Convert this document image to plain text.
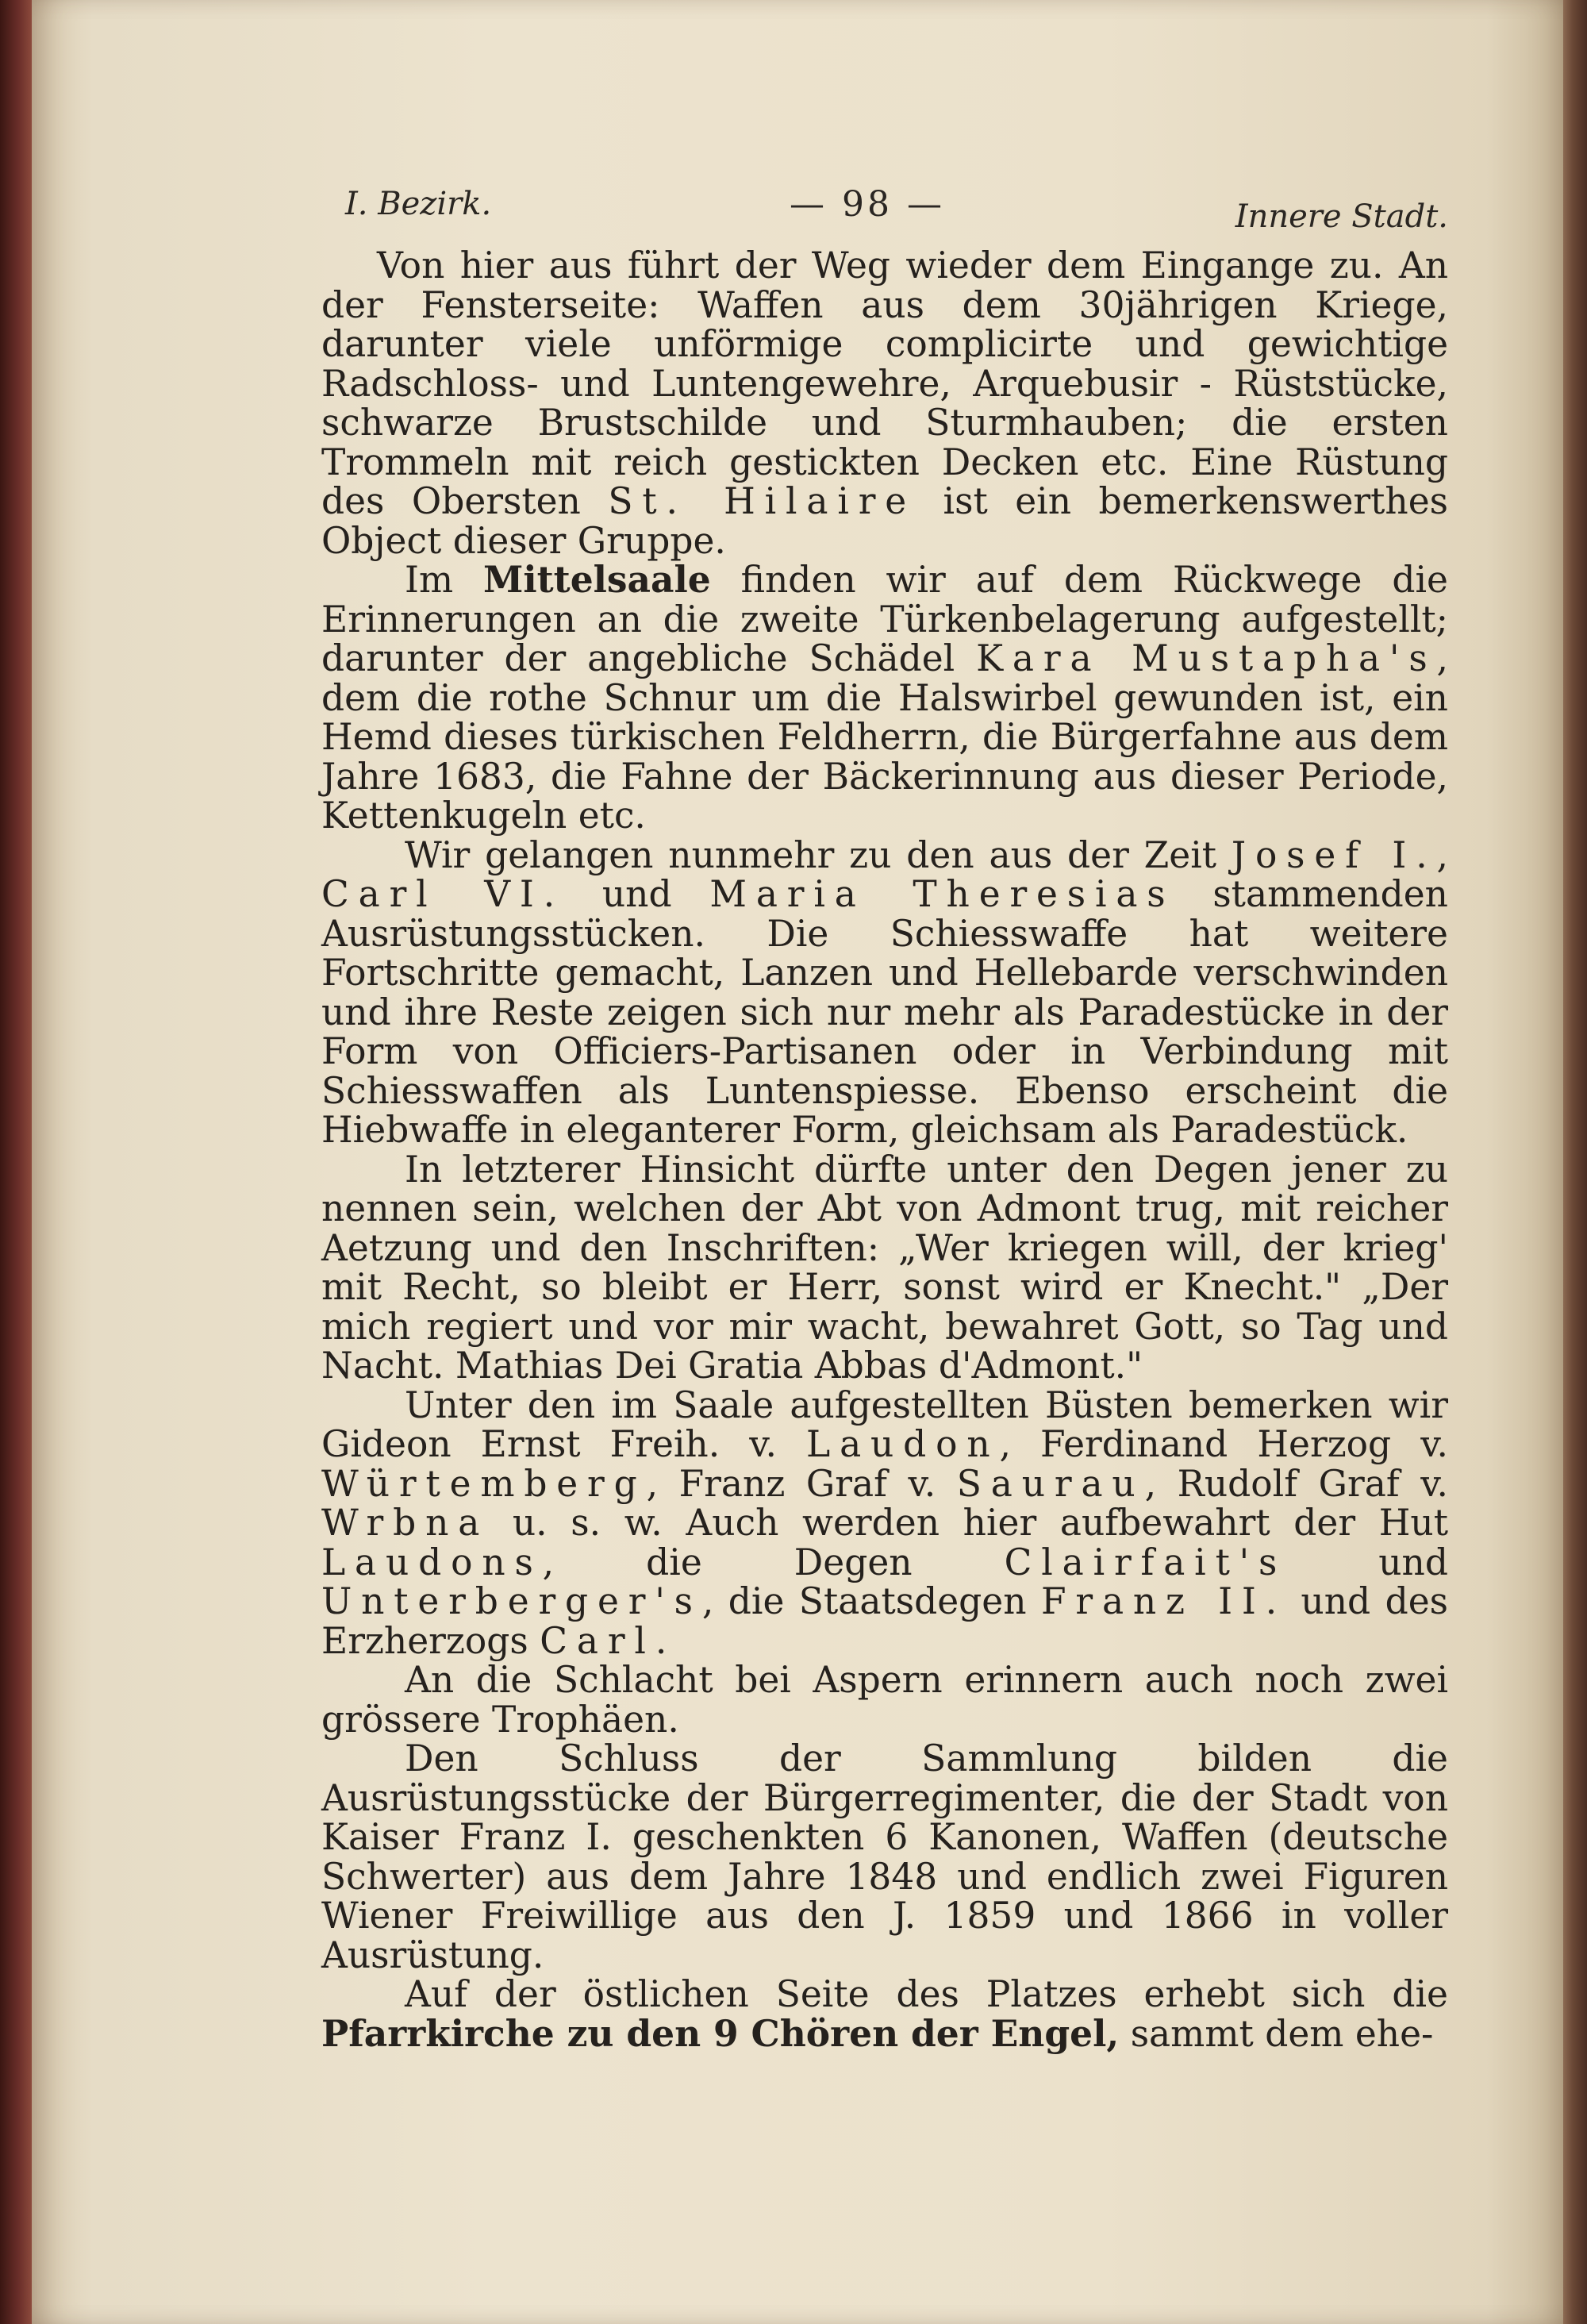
I. Bezirk.	— 98 —	Innere Stadt.

Von hier aus führt der Weg wieder dem Eingange zu. An der Fensterseite: Waffen aus dem 30jährigen Kriege, darunter viele unförmige complicirte und gewichtige Radschloss- und Luntengewehre, Arquebusir - Rüststücke, schwarze Brustschilde und Sturmhauben; die ersten Trommeln mit reich gestickten Decken etc. Eine Rüstung des Obersten St. Hilaire ist ein bemerkenswerthes Object dieser Gruppe.

Im Mittelsaale finden wir auf dem Rückwege die Erinnerungen an die zweite Türkenbelagerung aufgestellt; darunter der angebliche Schädel Kara Mustapha's, dem die rothe Schnur um die Halswirbel gewunden ist, ein Hemd dieses türkischen Feldherrn, die Bürgerfahne aus dem Jahre 1683, die Fahne der Bäckerinnung aus dieser Periode, Kettenkugeln etc.

Wir gelangen nunmehr zu den aus der Zeit Josef I., Carl VI. und Maria Theresias stammenden Ausrüstungsstücken. Die Schiesswaffe hat weitere Fortschritte gemacht, Lanzen und Hellebarde verschwinden und ihre Reste zeigen sich nur mehr als Paradestücke in der Form von Officiers-Partisanen oder in Verbindung mit Schiesswaffen als Luntenspiesse. Ebenso erscheint die Hiebwaffe in eleganterer Form, gleichsam als Paradestück.

In letzterer Hinsicht dürfte unter den Degen jener zu nennen sein, welchen der Abt von Admont trug, mit reicher Aetzung und den Inschriften: „Wer kriegen will, der krieg' mit Recht, so bleibt er Herr, sonst wird er Knecht." „Der mich regiert und vor mir wacht, bewahret Gott, so Tag und Nacht. Mathias Dei Gratia Abbas d'Admont."

Unter den im Saale aufgestellten Büsten bemerken wir Gideon Ernst Freih. v. Laudon, Ferdinand Herzog v. Würtemberg, Franz Graf v. Saurau, Rudolf Graf v. Wrbna u. s. w. Auch werden hier aufbewahrt der Hut Laudons, die Degen Clairfait's und Unterberger's, die Staatsdegen Franz II. und des Erzherzogs Carl.

An die Schlacht bei Aspern erinnern auch noch zwei grössere Trophäen.

Den Schluss der Sammlung bilden die Ausrüstungsstücke der Bürgerregimenter, die der Stadt von Kaiser Franz I. geschenkten 6 Kanonen, Waffen (deutsche Schwerter) aus dem Jahre 1848 und endlich zwei Figuren Wiener Freiwillige aus den J. 1859 und 1866 in voller Ausrüstung.

Auf der östlichen Seite des Platzes erhebt sich die Pfarrkirche zu den 9 Chören der Engel, sammt dem ehe-
